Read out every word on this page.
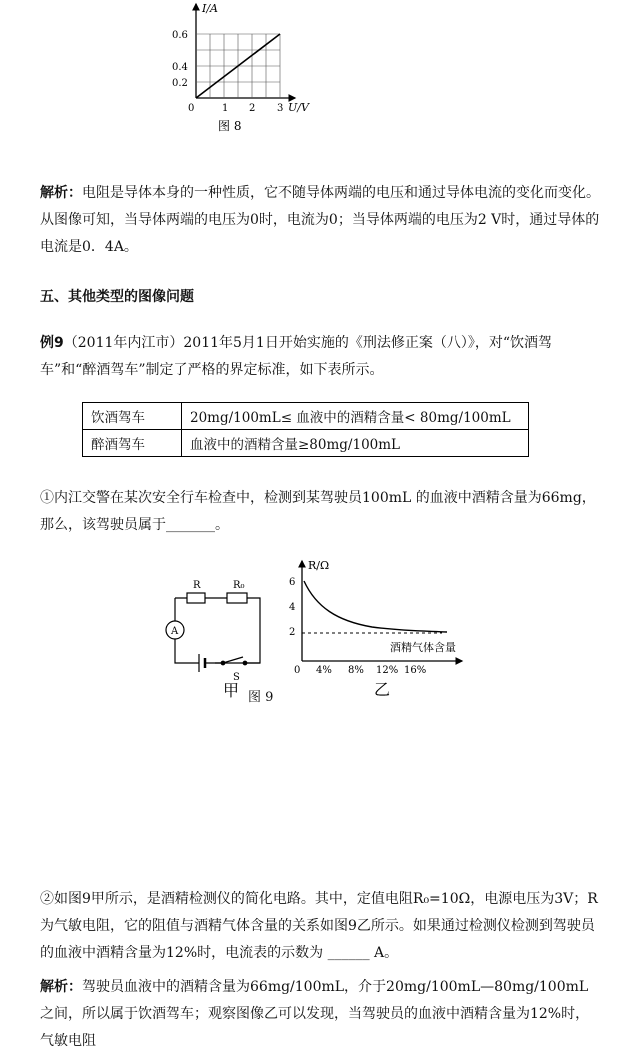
I/A
0.6
0.4
0.2
0	1 2 3 U/V
图 8
解析：电阻是导体本身的一种性质，它不随导体两端的电压和通过导体电流的变化而变化。从图像可知，当导体两端的电压为0时，电流为0；当导体两端的电压为2 V时，通过导体的电流是0．4A。
五、其他类型的图像问题
例9（2011年内江市）2011年5月1日开始实施的《刑法修正案（八）》，对“饮酒驾车”和“醉酒驾车”制定了严格的界定标准，如下表所示。
饮酒驾车	20mg/100mL≤ 血液中的酒精含量< 80mg/100mL
醉酒驾车	血液中的酒精含量≥80mg/100mL
①内江交警在某次安全行车检查中，检测到某驾驶员100mL 的血液中酒精含量为66mg，那么，该驾驶员属于_______。
A
R	R₀
S
甲 图 9
R/Ω
6
4
2
0 4% 8% 12% 16%
酒精气体含量
乙
②如图9甲所示，是酒精检测仪的简化电路。其中，定值电阻R₀=10Ω，电源电压为3V；R为气敏电阻，它的阻值与酒精气体含量的关系如图9乙所示。如果通过检测仪检测到驾驶员的血液中酒精含量为12%时，电流表的示数为 ______ A。
解析：驾驶员血液中的酒精含量为66mg/100mL，介于20mg/100mL—80mg/100mL 之间，所以属于饮酒驾车；观察图像乙可以发现，当驾驶员的血液中酒精含量为12%时，气敏电阻
